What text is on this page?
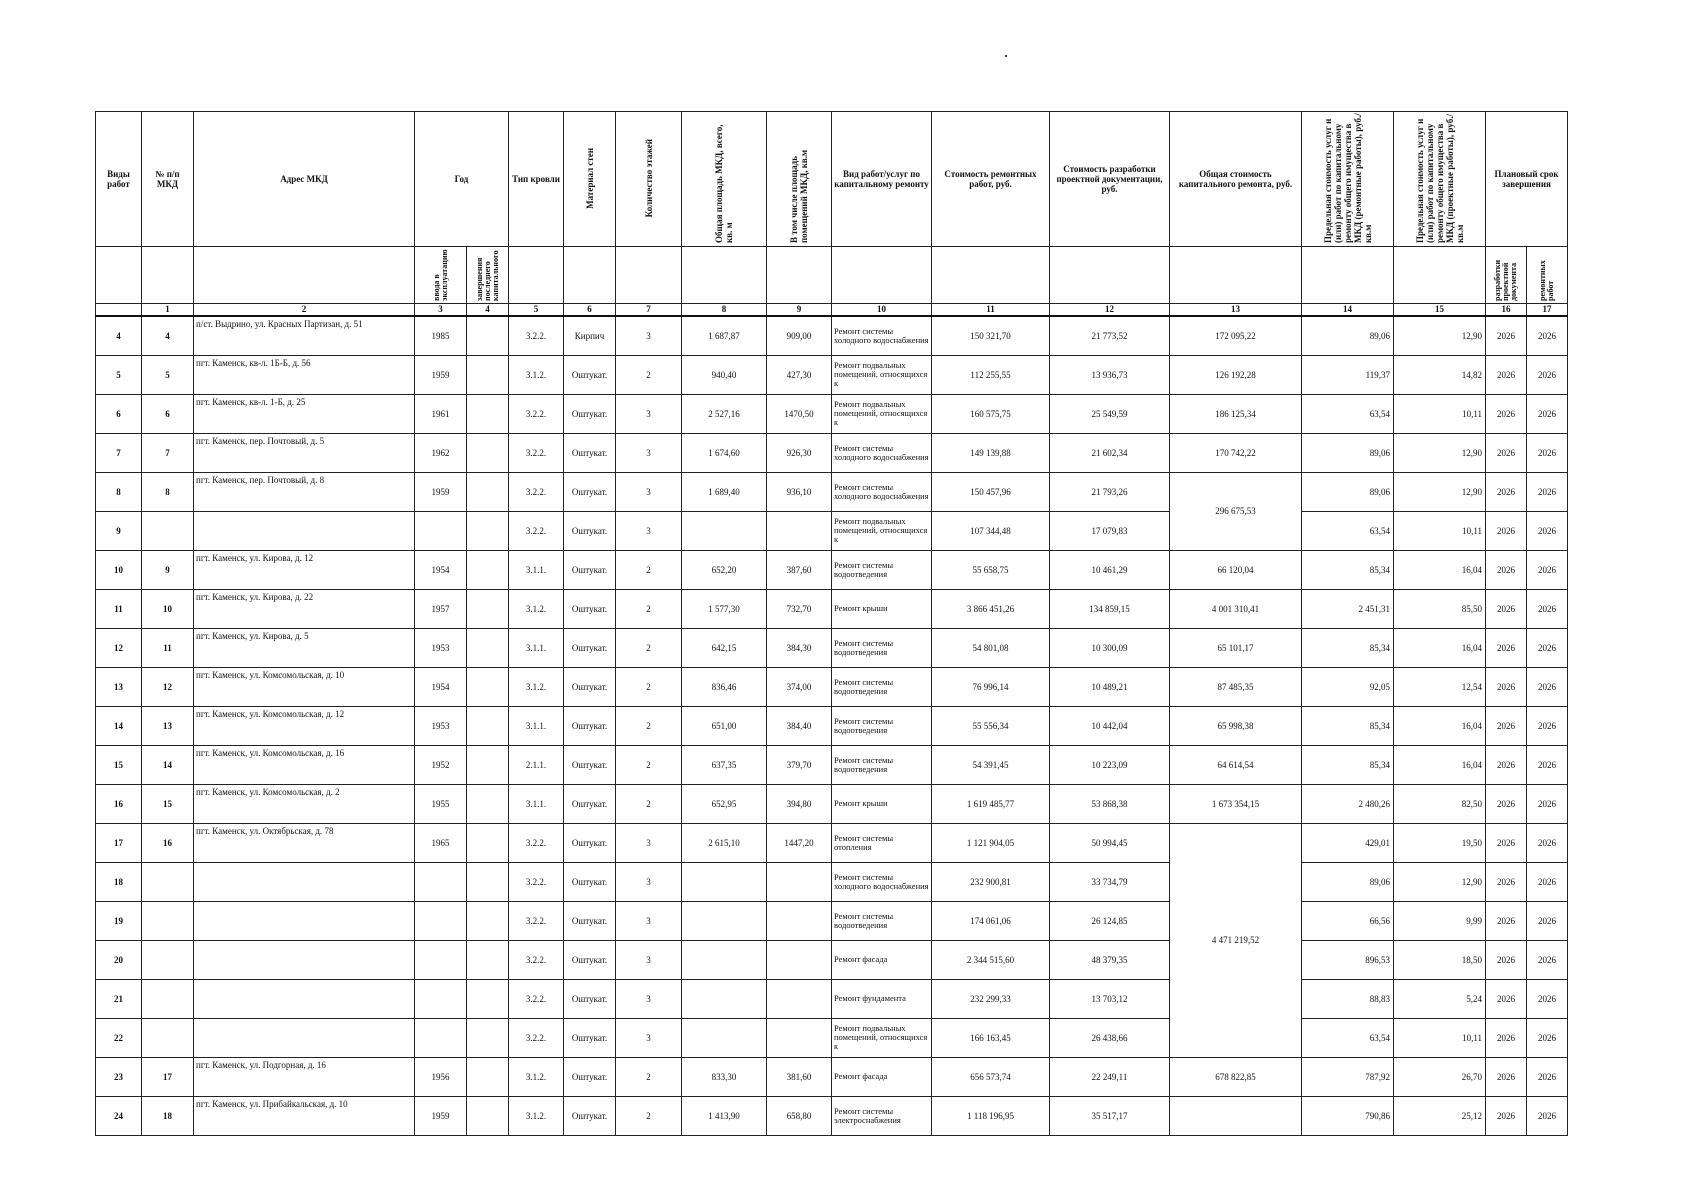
Виды работ	№ п/п МКД	Адрес МКД	Год		Тип кровли	Материал стен	Количество этажей	Общая площадь МКД, всего, кв. м	В том числе площадь помещений МКД, кв.м	Вид работ/услуг по капитальному ремонту	Стоимость ремонтных работ, руб.	Стоимость разработки проектной документации, руб.	Общая стоимость капитального ремонта, руб.	Предельная стоимость услуг и (или) работ по капитальному ремонту общего имущества в МКД (ремонтные работы), руб./кв.м	Предельная стоимость услуг и (или) работ по капитальному ремонту общего имущества в МКД (проектные работы), руб./кв.м	Плановый срок завершения	
			ввода в эксплуатацию	завершения последнего капитального												разработки проектной документа	ремонтных работ
	1	2	3	4	5	6	7	8	9	10	11	12	13	14	15	16	17
4	4	п/ст. Выдрино, ул. Красных Партизан, д. 51	1985		3.2.2.	Кирпич	3	1 687,87	909,00	Ремонт системы холодного водоснабжения	150 321,70	21 773,52	172 095,22	89,06	12,90	2026	2026
5	5	пгт. Каменск, кв-л. 1Б-Б, д. 56	1959		3.1.2.	Оштукат.	2	940,40	427,30	Ремонт подвальных помещений, относящихся к	112 255,55	13 936,73	126 192,28	119,37	14,82	2026	2026
6	6	пгт. Каменск, кв-л. 1-Б, д. 25	1961		3.2.2.	Оштукат.	3	2 527,16	1470,50	Ремонт подвальных помещений, относящихся к	160 575,75	25 549,59	186 125,34	63,54	10,11	2026	2026
7	7	пгт. Каменск, пер. Почтовый, д. 5	1962		3.2.2.	Оштукат.	3	1 674,60	926,30	Ремонт системы холодного водоснабжения	149 139,88	21 602,34	170 742,22	89,06	12,90	2026	2026
8	8	пгт. Каменск, пер. Почтовый, д. 8	1959		3.2.2.	Оштукат.	3	1 689,40	936,10	Ремонт системы холодного водоснабжения	150 457,96	21 793,26	296 675,53	89,06	12,90	2026	2026
9					3.2.2.	Оштукат.	3			Ремонт подвальных помещений, относящихся к	107 344,48	17 079,83		63,54	10,11	2026	2026
10	9	пгт. Каменск, ул. Кирова, д. 12	1954		3.1.1.	Оштукат.	2	652,20	387,60	Ремонт системы водоотведения	55 658,75	10 461,29	66 120,04	85,34	16,04	2026	2026
11	10	пгт. Каменск, ул. Кирова, д. 22	1957		3.1.2.	Оштукат.	2	1 577,30	732,70	Ремонт крыши	3 866 451,26	134 859,15	4 001 310,41	2 451,31	85,50	2026	2026
12	11	пгт. Каменск, ул. Кирова, д. 5	1953		3.1.1.	Оштукат.	2	642,15	384,30	Ремонт системы водоотведения	54 801,08	10 300,09	65 101,17	85,34	16,04	2026	2026
13	12	пгт. Каменск, ул. Комсомольская, д. 10	1954		3.1.2.	Оштукат.	2	836,46	374,00	Ремонт системы водоотведения	76 996,14	10 489,21	87 485,35	92,05	12,54	2026	2026
14	13	пгт. Каменск, ул. Комсомольская, д. 12	1953		3.1.1.	Оштукат.	2	651,00	384,40	Ремонт системы водоотведения	55 556,34	10 442,04	65 998,38	85,34	16,04	2026	2026
15	14	пгт. Каменск, ул. Комсомольская, д. 16	1952		2.1.1.	Оштукат.	2	637,35	379,70	Ремонт системы водоотведения	54 391,45	10 223,09	64 614,54	85,34	16,04	2026	2026
16	15	пгт. Каменск, ул. Комсомольская, д. 2	1955		3.1.1.	Оштукат.	2	652,95	394,80	Ремонт крыши	1 619 485,77	53 868,38	1 673 354,15	2 480,26	82,50	2026	2026
17	16	пгт. Каменск, ул. Октябрьская, д. 78	1965		3.2.2.	Оштукат.	3	2 615,10	1447,20	Ремонт системы отопления	1 121 904,05	50 994,45	4 471 219,52	429,01	19,50	2026	2026
18					3.2.2.	Оштукат.	3			Ремонт системы холодного водоснабжения	232 900,81	33 734,79		89,06	12,90	2026	2026
19					3.2.2.	Оштукат.	3			Ремонт системы водоотведения	174 061,06	26 124,85		66,56	9,99	2026	2026
20					3.2.2.	Оштукат.	3			Ремонт фасада	2 344 515,60	48 379,35		896,53	18,50	2026	2026
21					3.2.2.	Оштукат.	3			Ремонт фундамента	232 299,33	13 703,12		88,83	5,24	2026	2026
22					3.2.2.	Оштукат.	3			Ремонт подвальных помещений, относящихся к	166 163,45	26 438,66		63,54	10,11	2026	2026
23	17	пгт. Каменск, ул. Подгорная, д. 16	1956		3.1.2.	Оштукат.	2	833,30	381,60	Ремонт фасада	656 573,74	22 249,11	678 822,85	787,92	26,70	2026	2026
24	18	пгт. Каменск, ул. Прибайкальская, д. 10	1959		3.1.2.	Оштукат.	2	1 413,90	658,80	Ремонт системы электроснабжения	1 118 196,95	35 517,17		790,86	25,12	2026	2026
